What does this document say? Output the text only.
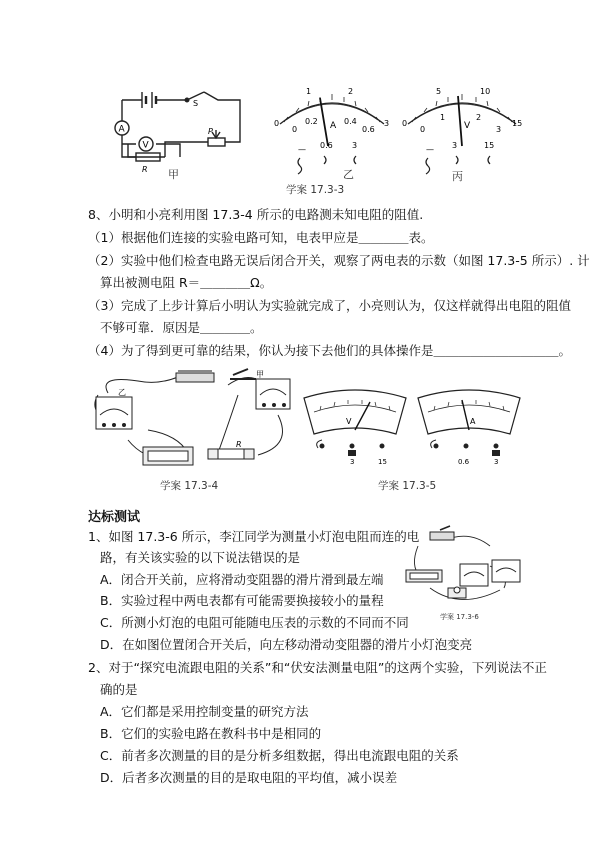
A
V
S
R
P
甲
1	2
0	3
0
0.2	0.4
0.6
A
— 0.6 3
乙
5	10
0	15
0
1	2
3
V
— 3	15
丙
学案 17.3-3
8、小明和小亮利用图 17.3-4 所示的电路测未知电阻的阻值.
（1）根据他们连接的实验电路可知，电表甲应是＿＿＿＿表。
（2）实验中他们检查电路无误后闭合开关，观察了两电表的示数（如图 17.3-5 所示）. 计
算出被测电阻 R＝＿＿＿＿Ω。
（3）完成了上步计算后小明认为实验就完成了，小亮则认为，仅这样就得出电阻的阻值
不够可靠．原因是＿＿＿＿。
（4）为了得到更可靠的结果，你认为接下去他们的具体操作是＿＿＿＿＿＿＿＿＿＿。
乙
甲
R
学案 17.3-4
V
3	15
A
0.6	3
学案 17.3-5
达标测试
1、如图 17.3-6 所示，李江同学为测量小灯泡电阻而连的电
路，有关该实验的以下说法错误的是
A．闭合开关前，应将滑动变阻器的滑片滑到最左端
B．实验过程中两电表都有可能需要换接较小的量程
C．所测小灯泡的电阻可能随电压表的示数的不同而不同
D．在如图位置闭合开关后，向左移动滑动变阻器的滑片小灯泡变亮
学案 17.3-6
2、对于“探究电流跟电阻的关系”和“伏安法测量电阻”的这两个实验，下列说法不正
确的是
A．它们都是采用控制变量的研究方法
B．它们的实验电路在教科书中是相同的
C．前者多次测量的目的是分析多组数据，得出电流跟电阻的关系
D．后者多次测量的目的是取电阻的平均值，减小误差
